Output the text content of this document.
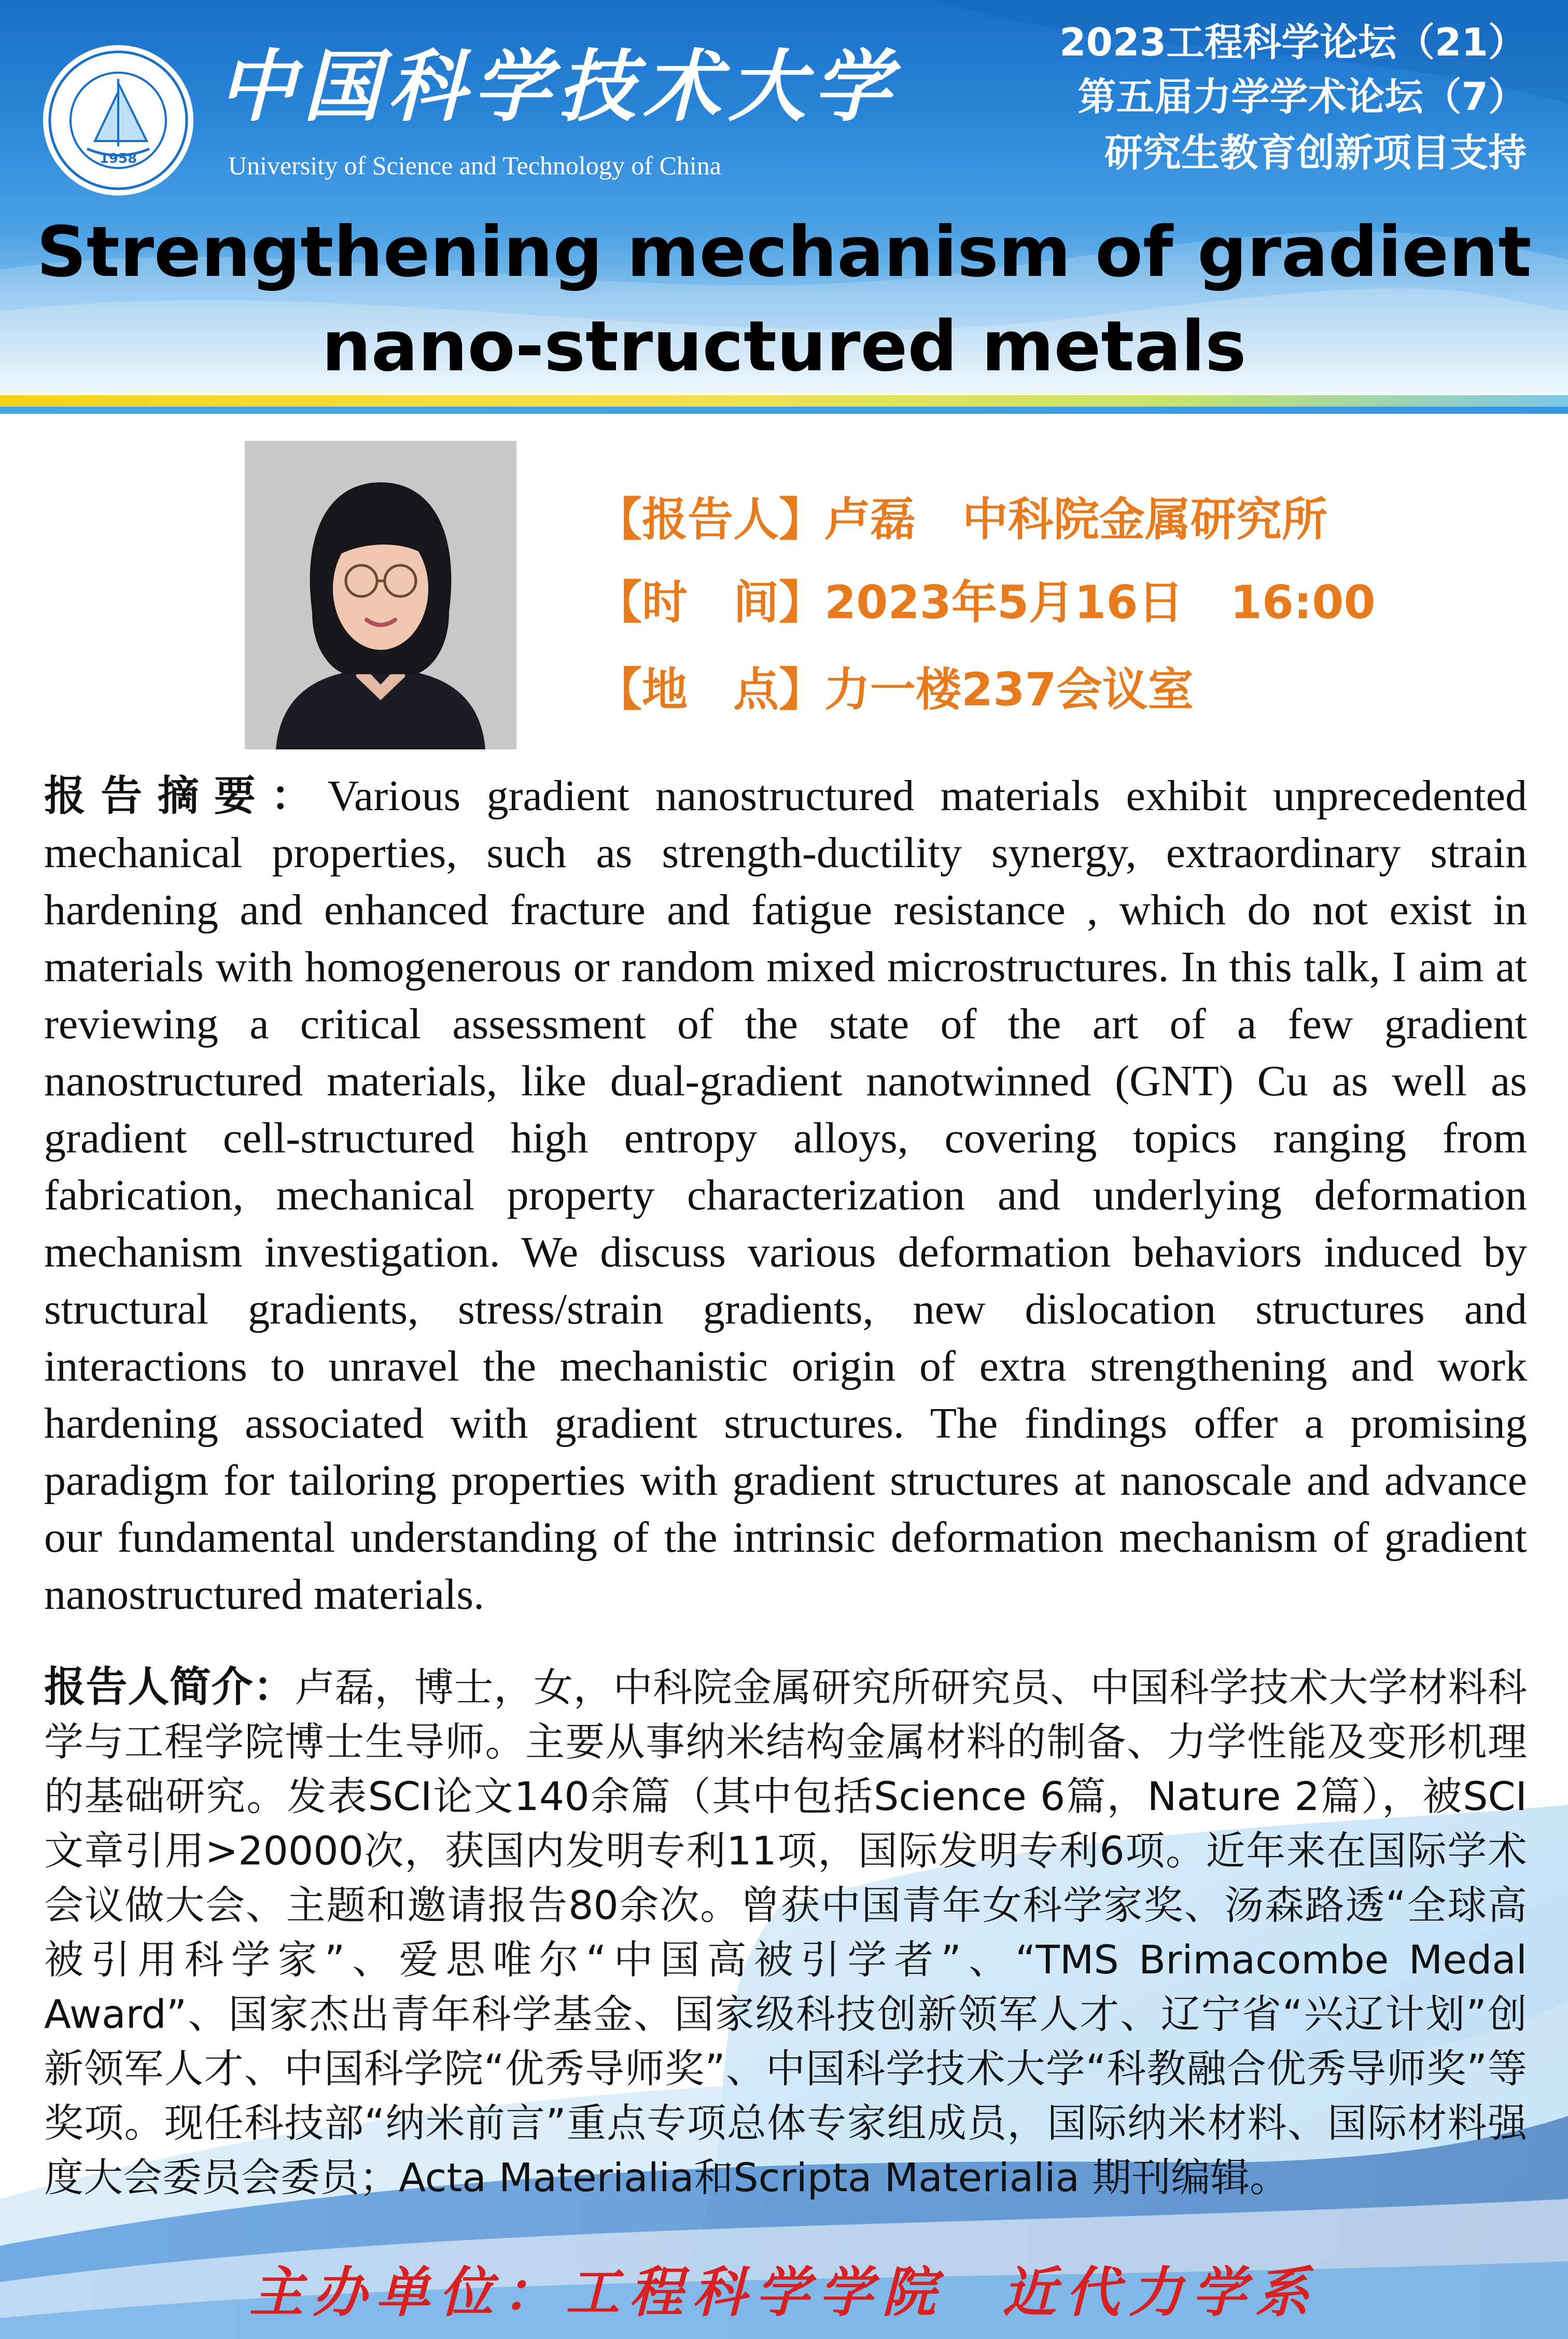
1958
中国科学技术大学
University of Science and Technology of China
2023工程科学论坛（21）
第五届力学学术论坛（7）
研究生教育创新项目支持
Strengthening mechanism of gradient nano-structured metals
【报告人】卢磊 中科院金属研究所
【时　间】2023年5月16日 16:00
【地　点】力一楼237会议室
报告摘要：Various gradient nanostructured materials exhibit unprecedented mechanical properties, such as strength-ductility synergy, extraordinary strain hardening and enhanced fracture and fatigue resistance , which do not exist in materials with homogenerous or random mixed microstructures. In this talk, I aim at reviewing a critical assessment of the state of the art of a few gradient nanostructured materials, like dual-gradient nanotwinned (GNT) Cu as well as gradient cell-structured high entropy alloys, covering topics ranging from fabrication, mechanical property characterization and underlying deformation mechanism investigation. We discuss various deformation behaviors induced by structural gradients, stress/strain gradients, new dislocation structures and interactions to unravel the mechanistic origin of extra strengthening and work hardening associated with gradient structures. The findings offer a promising paradigm for tailoring properties with gradient structures at nanoscale and advance our fundamental understanding of the intrinsic deformation mechanism of gradient nanostructured materials.
报告人简介：卢磊，博士，女，中科院金属研究所研究员、中国科学技术大学材料科学与工程学院博士生导师。主要从事纳米结构金属材料的制备、力学性能及变形机理的基础研究。发表SCI论文140余篇（其中包括Science 6篇，Nature 2篇），被SCI文章引用>20000次，获国内发明专利11项，国际发明专利6项。近年来在国际学术会议做大会、主题和邀请报告80余次。曾获中国青年女科学家奖、汤森路透“全球高被引用科学家”、爱思唯尔“中国高被引学者”、“TMS Brimacombe Medal Award”、国家杰出青年科学基金、国家级科技创新领军人才、辽宁省“兴辽计划”创新领军人才、中国科学院“优秀导师奖”、中国科学技术大学“科教融合优秀导师奖”等奖项。现任科技部“纳米前言”重点专项总体专家组成员，国际纳米材料、国际材料强度大会委员会委员；Acta Materialia和Scripta Materialia 期刊编辑。
主办单位：工程科学学院 近代力学系
